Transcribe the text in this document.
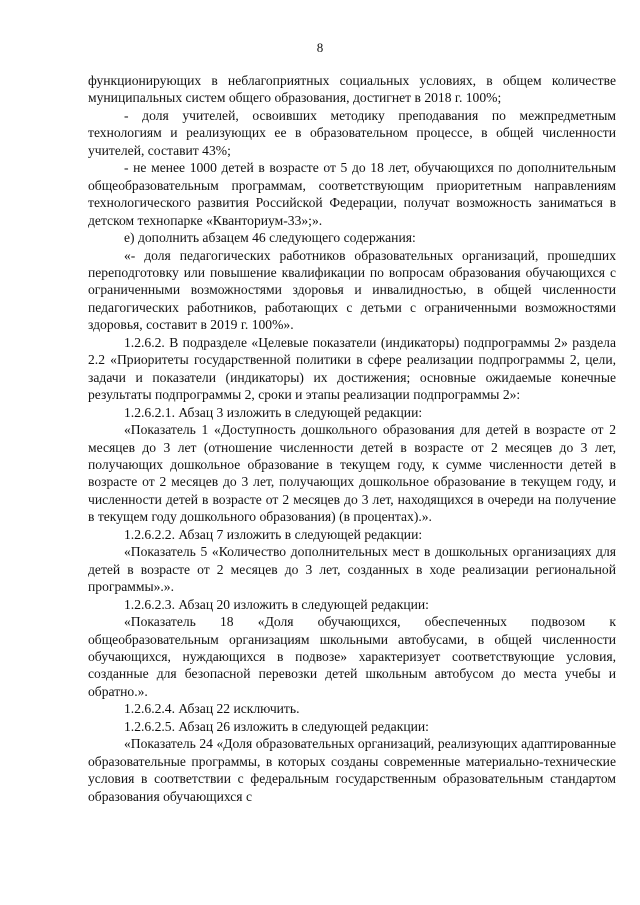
8

функционирующих в неблагоприятных социальных условиях, в общем количестве муниципальных систем общего образования, достигнет в 2018 г. 100%;

- доля учителей, освоивших методику преподавания по межпредметным технологиям и реализующих ее в образовательном процессе, в общей численности учителей, составит 43%;

- не менее 1000 детей в возрасте от 5 до 18 лет, обучающихся по дополнительным общеобразовательным программам, соответствующим приоритетным направлениям технологического развития Российской Федерации, получат возможность заниматься в детском технопарке «Кванториум-33»;».

е) дополнить абзацем 46 следующего содержания:

«- доля педагогических работников образовательных организаций, прошедших переподготовку или повышение квалификации по вопросам образования обучающихся с ограниченными возможностями здоровья и инвалидностью, в общей численности педагогических работников, работающих с детьми с ограниченными возможностями здоровья, составит в 2019 г. 100%».

1.2.6.2. В подразделе «Целевые показатели (индикаторы) подпрограммы 2» раздела 2.2 «Приоритеты государственной политики в сфере реализации подпрограммы 2, цели, задачи и показатели (индикаторы) их достижения; основные ожидаемые конечные результаты подпрограммы 2, сроки и этапы реализации подпрограммы 2»:

1.2.6.2.1. Абзац 3 изложить в следующей редакции:

«Показатель 1 «Доступность дошкольного образования для детей в возрасте от 2 месяцев до 3 лет (отношение численности детей в возрасте от 2 месяцев до 3 лет, получающих дошкольное образование в текущем году, к сумме численности детей в возрасте от 2 месяцев до 3 лет, получающих дошкольное образование в текущем году, и численности детей в возрасте от 2 месяцев до 3 лет, находящихся в очереди на получение в текущем году дошкольного образования) (в процентах).».

1.2.6.2.2. Абзац 7 изложить в следующей редакции:

«Показатель 5 «Количество дополнительных мест в дошкольных организациях для детей в возрасте от 2 месяцев до 3 лет, созданных в ходе реализации региональной программы».».

1.2.6.2.3. Абзац 20 изложить в следующей редакции:

«Показатель 18 «Доля обучающихся, обеспеченных подвозом к общеобразовательным организациям школьными автобусами, в общей численности обучающихся, нуждающихся в подвозе» характеризует соответствующие условия, созданные для безопасной перевозки детей школьным автобусом до места учебы и обратно.».

1.2.6.2.4. Абзац 22 исключить.

1.2.6.2.5. Абзац 26 изложить в следующей редакции:

«Показатель 24 «Доля образовательных организаций, реализующих адаптированные образовательные программы, в которых созданы современные материально-технические условия в соответствии с федеральным государственным образовательным стандартом образования обучающихся с
